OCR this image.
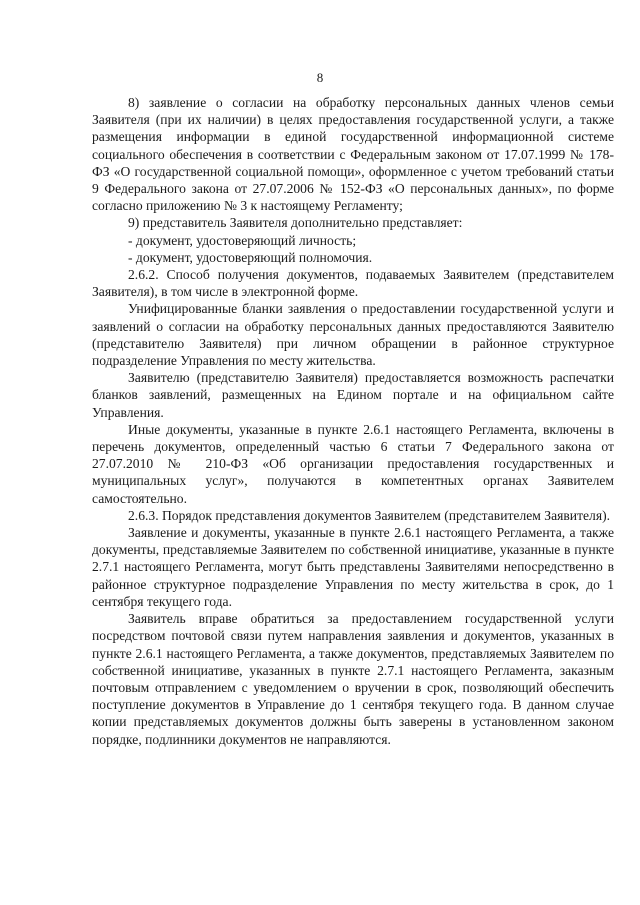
8

8) заявление о согласии на обработку персональных данных членов семьи Заявителя (при их наличии) в целях предоставления государственной услуги, а также размещения информации в единой государственной информационной системе социального обеспечения в соответствии с Федеральным законом от 17.07.1999 № 178-ФЗ «О государственной социальной помощи», оформленное с учетом требований статьи 9 Федерального закона от 27.07.2006 № 152-ФЗ «О персональных данных», по форме согласно приложению № 3 к настоящему Регламенту;

9) представитель Заявителя дополнительно представляет:

- документ, удостоверяющий личность;

- документ, удостоверяющий полномочия.

2.6.2. Способ получения документов, подаваемых Заявителем (представителем Заявителя), в том числе в электронной форме.

Унифицированные бланки заявления о предоставлении государственной услуги и заявлений о согласии на обработку персональных данных предоставляются Заявителю (представителю Заявителя) при личном обращении в районное структурное подразделение Управления по месту жительства.

Заявителю (представителю Заявителя) предоставляется возможность распечатки бланков заявлений, размещенных на Едином портале и на официальном сайте Управления.

Иные документы, указанные в пункте 2.6.1 настоящего Регламента, включены в перечень документов, определенный частью 6 статьи 7 Федерального закона от 27.07.2010 № 210-ФЗ «Об организации предоставления государственных и муниципальных услуг», получаются в компетентных органах Заявителем самостоятельно.

2.6.3. Порядок представления документов Заявителем (представителем Заявителя).

Заявление и документы, указанные в пункте 2.6.1 настоящего Регламента, а также документы, представляемые Заявителем по собственной инициативе, указанные в пункте 2.7.1 настоящего Регламента, могут быть представлены Заявителями непосредственно в районное структурное подразделение Управления по месту жительства в срок, до 1 сентября текущего года.

Заявитель вправе обратиться за предоставлением государственной услуги посредством почтовой связи путем направления заявления и документов, указанных в пункте 2.6.1 настоящего Регламента, а также документов, представляемых Заявителем по собственной инициативе, указанных в пункте 2.7.1 настоящего Регламента, заказным почтовым отправлением с уведомлением о вручении в срок, позволяющий обеспечить поступление документов в Управление до 1 сентября текущего года. В данном случае копии представляемых документов должны быть заверены в установленном законом порядке, подлинники документов не направляются.
